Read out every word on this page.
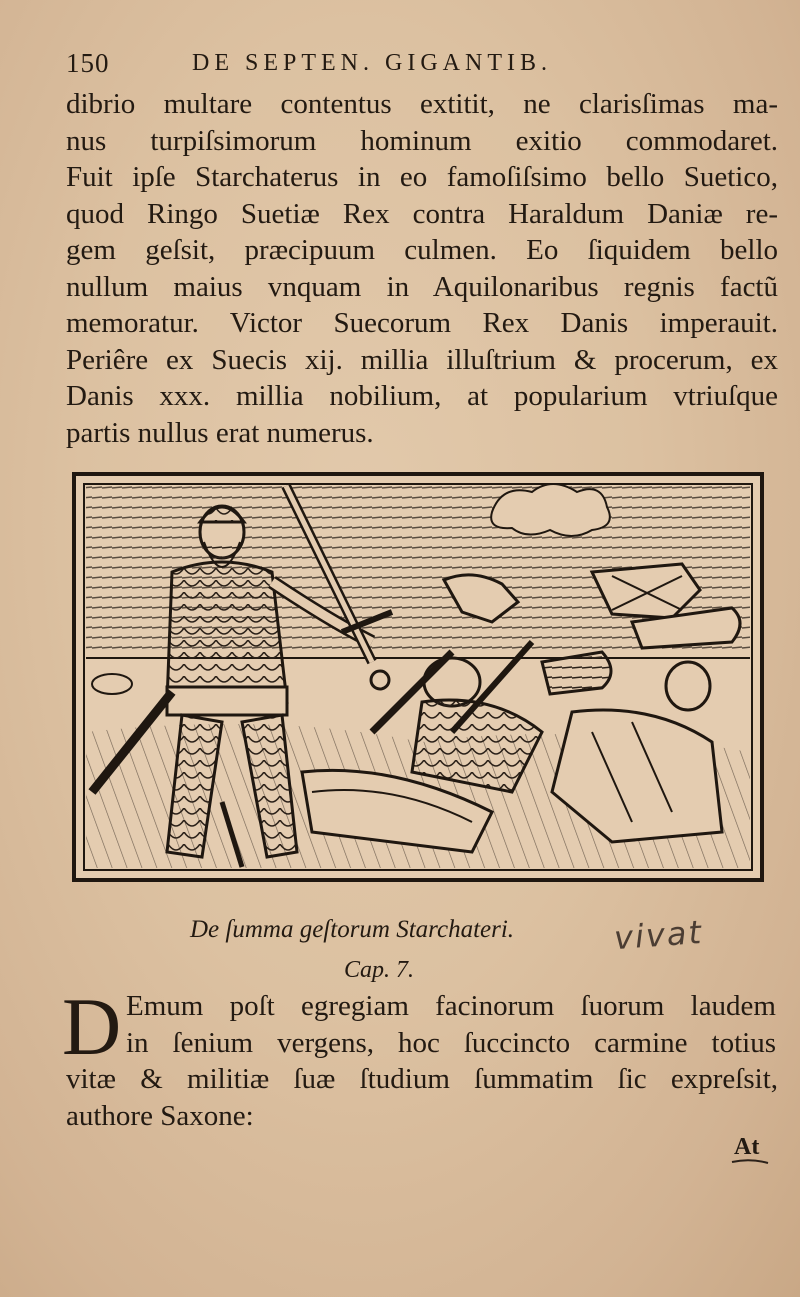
150	DE SEPTEN. GIGANTIB.
dibrio multare contentus extitit, ne clarisſimas ma-
nus turpiſsimorum hominum exitio commodaret.
Fuit ipſe Starchaterus in eo famoſiſsimo bello Suetico,
quod Ringo Suetiæ Rex contra Haraldum Daniæ re-
gem geſsit, præcipuum culmen. Eo ſiquidem bello
nullum maius vnquam in Aquilonaribus regnis factũ
memoratur. Victor Suecorum Rex Danis imperauit.
Periêre ex Suecis xij. millia illuſtrium & procerum, ex
Danis xxx. millia nobilium, at popularium vtriuſque
partis nullus erat numerus.
De ſumma geſtorum Starchateri.	vivat
Cap. 7.
D Emum poſt egregiam facinorum ſuorum laudem
in ſenium vergens, hoc ſuccincto carmine totius
vitæ & militiæ ſuæ ſtudium ſummatim ſic expreſsit,
authore Saxone:
At
